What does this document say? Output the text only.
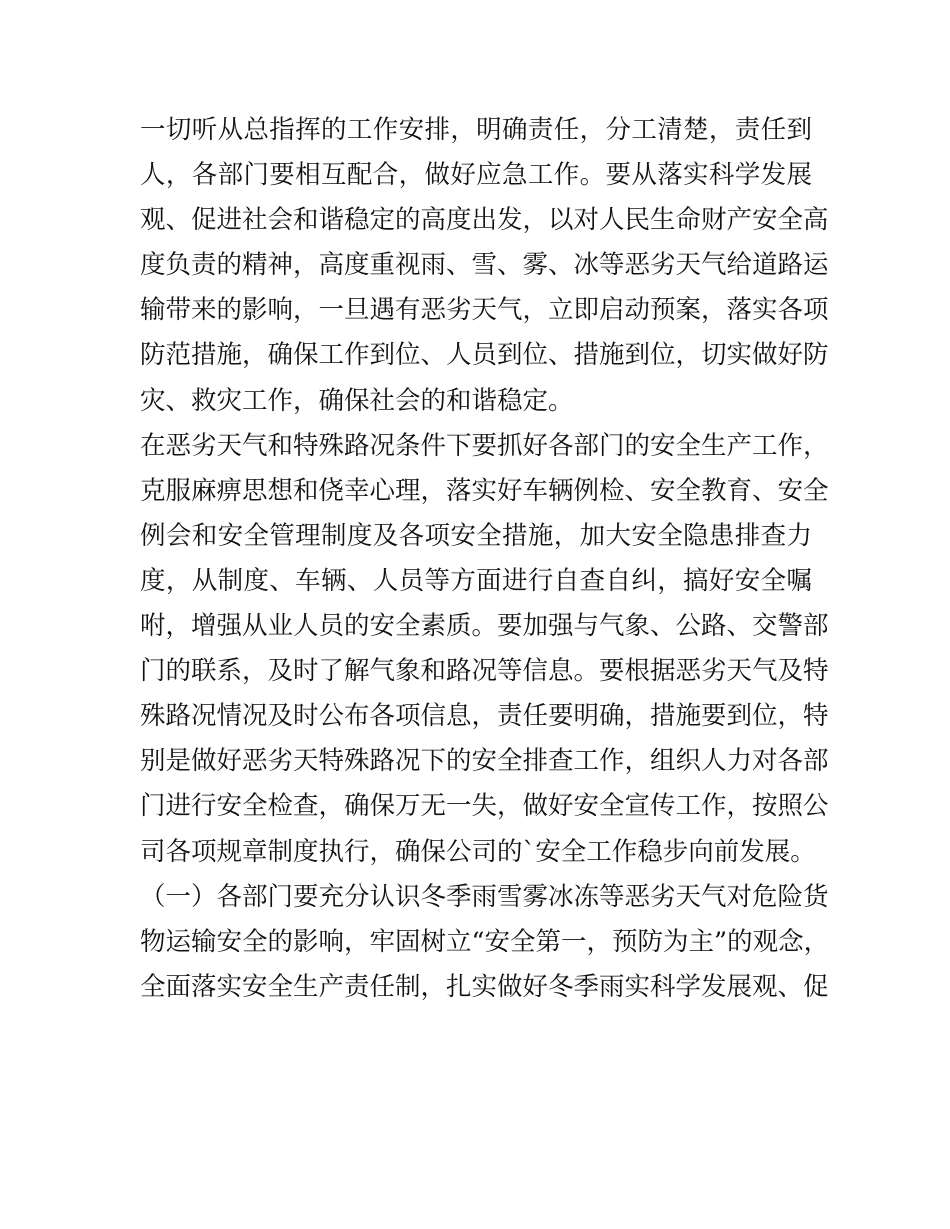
一切听从总指挥的工作安排，明确责任，分工清楚，责任到
人，各部门要相互配合，做好应急工作。要从落实科学发展
观、促进社会和谐稳定的高度出发，以对人民生命财产安全高
度负责的精神，高度重视雨、雪、雾、冰等恶劣天气给道路运
输带来的影响，一旦遇有恶劣天气，立即启动预案，落实各项
防范措施，确保工作到位、人员到位、措施到位，切实做好防
灾、救灾工作，确保社会的和谐稳定。
在恶劣天气和特殊路况条件下要抓好各部门的安全生产工作，
克服麻痹思想和侥幸心理，落实好车辆例检、安全教育、安全
例会和安全管理制度及各项安全措施，加大安全隐患排查力
度，从制度、车辆、人员等方面进行自查自纠，搞好安全嘱
咐，增强从业人员的安全素质。要加强与气象、公路、交警部
门的联系，及时了解气象和路况等信息。要根据恶劣天气及特
殊路况情况及时公布各项信息，责任要明确，措施要到位，特
别是做好恶劣天特殊路况下的安全排查工作，组织人力对各部
门进行安全检查，确保万无一失，做好安全宣传工作，按照公
司各项规章制度执行，确保公司的`安全工作稳步向前发展。
（一）各部门要充分认识冬季雨雪雾冰冻等恶劣天气对危险货
物运输安全的影响，牢固树立“安全第一，预防为主”的观念，
全面落实安全生产责任制，扎实做好冬季雨实科学发展观、促
